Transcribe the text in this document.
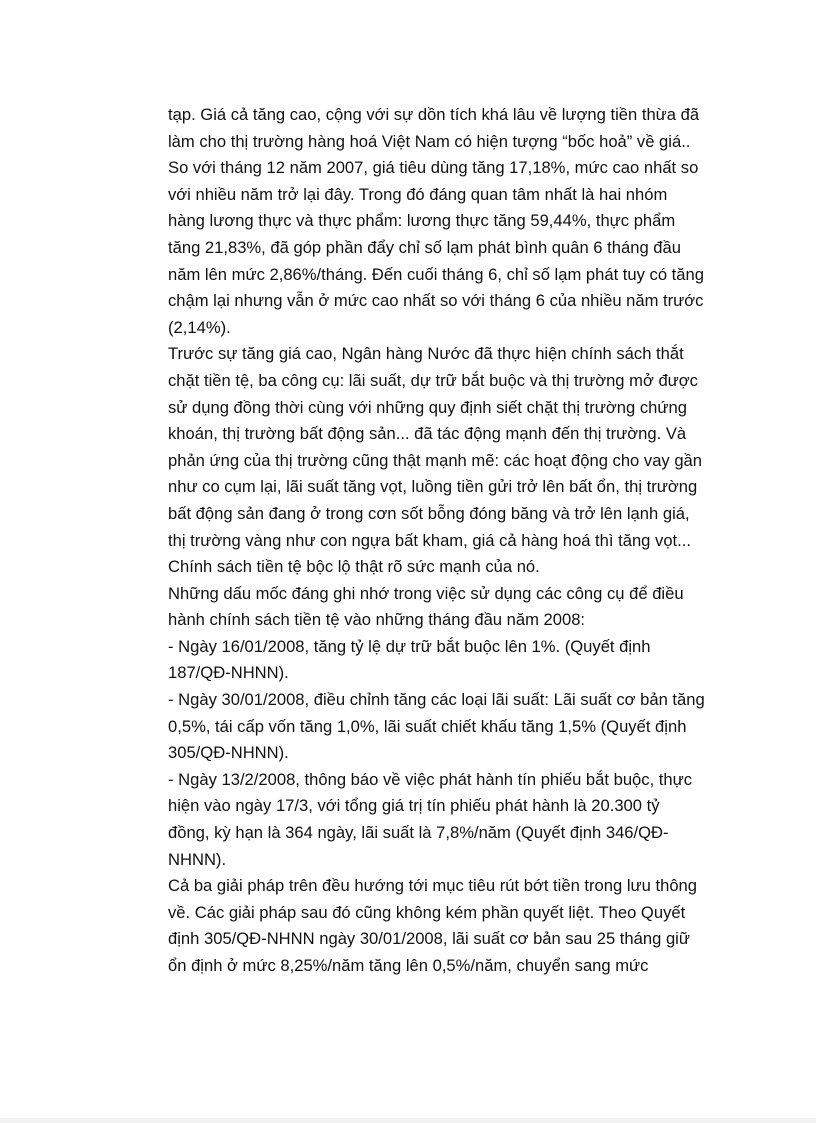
tạp. Giá cả tăng cao, cộng với sự dồn tích khá lâu về lượng tiền thừa đã
làm cho thị trường hàng hoá Việt Nam có hiện tượng “bốc hoả” về giá..
So với tháng 12 năm 2007, giá tiêu dùng tăng 17,18%, mức cao nhất so
với nhiều năm trở lại đây. Trong đó đáng quan tâm nhất là hai nhóm
hàng lương thực và thực phẩm: lương thực tăng 59,44%, thực phẩm
tăng 21,83%, đã góp phần đẩy chỉ số lạm phát bình quân 6 tháng đầu
năm lên mức 2,86%/tháng. Đến cuối tháng 6, chỉ số lạm phát tuy có tăng
chậm lại nhưng vẫn ở mức cao nhất so với tháng 6 của nhiều năm trước
(2,14%).
Trước sự tăng giá cao, Ngân hàng Nước đã thực hiện chính sách thắt
chặt tiền tệ, ba công cụ: lãi suất, dự trữ bắt buộc và thị trường mở được
sử dụng đồng thời cùng với những quy định siết chặt thị trường chứng
khoán, thị trường bất động sản... đã tác động mạnh đến thị trường. Và
phản ứng của thị trường cũng thật mạnh mẽ: các hoạt động cho vay gần
như co cụm lại, lãi suất tăng vọt, luồng tiền gửi trở lên bất ổn, thị trường
bất động sản đang ở trong cơn sốt bỗng đóng băng và trở lên lạnh giá,
thị trường vàng như con ngựa bất kham, giá cả hàng hoá thì tăng vọt...
Chính sách tiền tệ bộc lộ thật rõ sức mạnh của nó.
Những dấu mốc đáng ghi nhớ trong việc sử dụng các công cụ để điều
hành chính sách tiền tệ vào những tháng đầu năm 2008:
- Ngày 16/01/2008, tăng tỷ lệ dự trữ bắt buộc lên 1%. (Quyết định
187/QĐ-NHNN).
- Ngày 30/01/2008, điều chỉnh tăng các loại lãi suất: Lãi suất cơ bản tăng
0,5%, tái cấp vốn tăng 1,0%, lãi suất chiết khấu tăng 1,5% (Quyết định
305/QĐ-NHNN).
- Ngày 13/2/2008, thông báo về việc phát hành tín phiếu bắt buộc, thực
hiện vào ngày 17/3, với tổng giá trị tín phiếu phát hành là 20.300 tỷ
đồng, kỳ hạn là 364 ngày, lãi suất là 7,8%/năm (Quyết định 346/QĐ-
NHNN).
Cả ba giải pháp trên đều hướng tới mục tiêu rút bớt tiền trong lưu thông
về. Các giải pháp sau đó cũng không kém phần quyết liệt. Theo Quyết
định 305/QĐ-NHNN ngày 30/01/2008, lãi suất cơ bản sau 25 tháng giữ
ổn định ở mức 8,25%/năm tăng lên 0,5%/năm, chuyển sang mức
